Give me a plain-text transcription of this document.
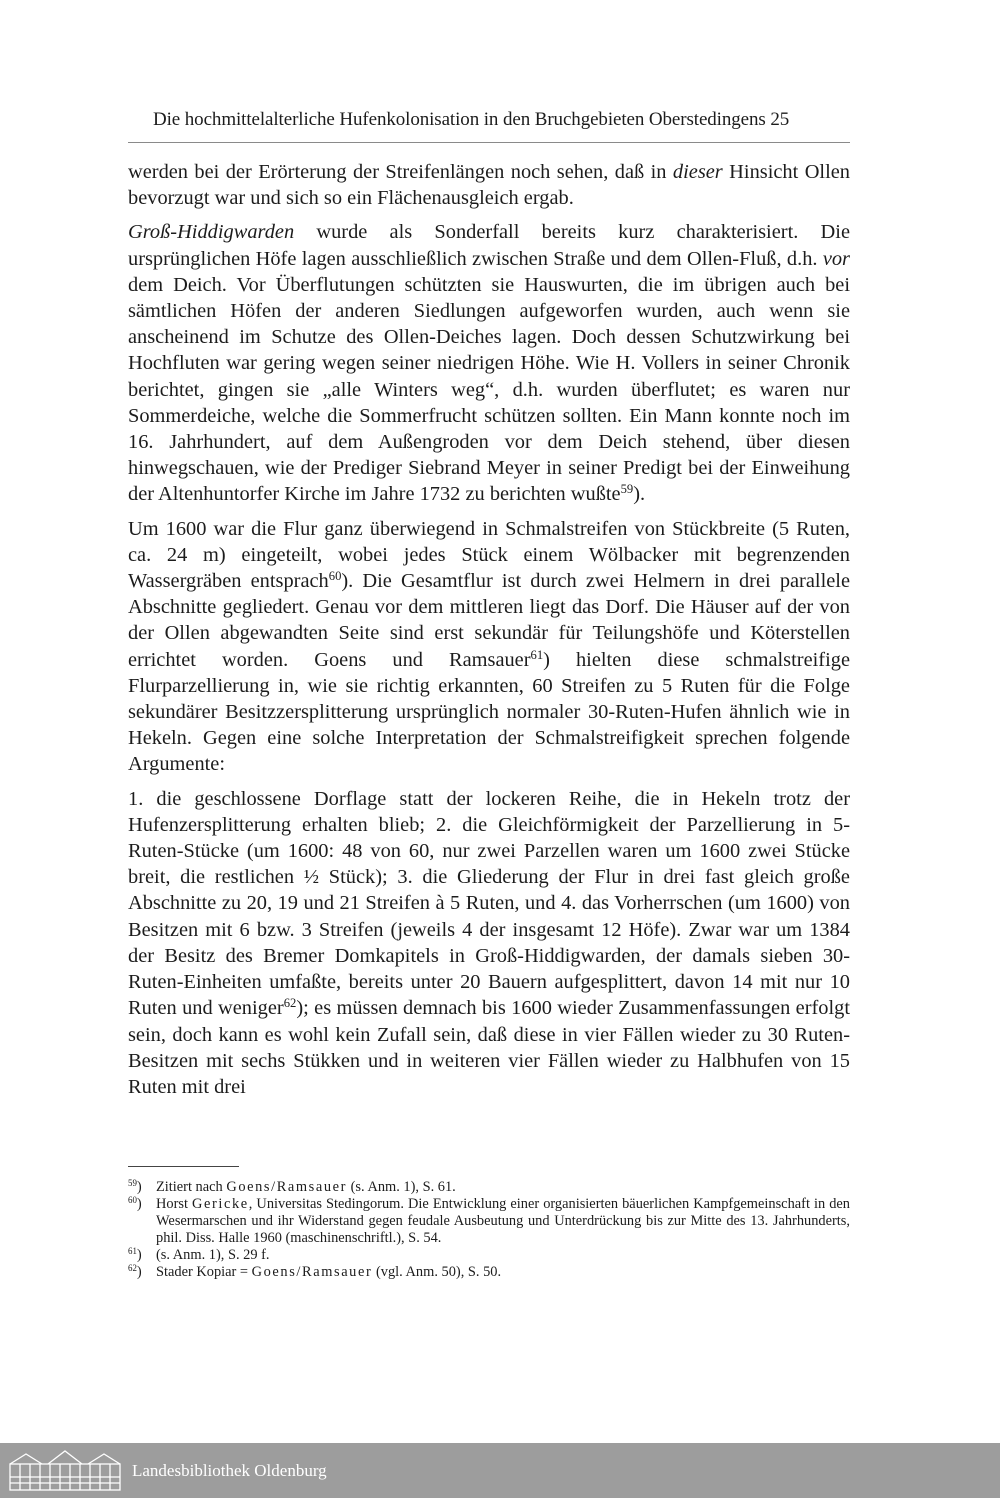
Die hochmittelalterliche Hufenkolonisation in den Bruchgebieten Oberstedingens 25

werden bei der Erörterung der Streifenlängen noch sehen, daß in dieser Hinsicht Ollen bevorzugt war und sich so ein Flächenausgleich ergab.

Groß-Hiddigwarden wurde als Sonderfall bereits kurz charakterisiert. Die ursprünglichen Höfe lagen ausschließlich zwischen Straße und dem Ollen-Fluß, d.h. vor dem Deich. Vor Überflutungen schützten sie Hauswurten, die im übrigen auch bei sämtlichen Höfen der anderen Siedlungen aufgeworfen wurden, auch wenn sie anscheinend im Schutze des Ollen-Deiches lagen. Doch dessen Schutzwirkung bei Hochfluten war gering wegen seiner niedrigen Höhe. Wie H. Vollers in seiner Chronik berichtet, gingen sie „alle Winters weg“, d.h. wurden überflutet; es waren nur Sommerdeiche, welche die Sommerfrucht schützen sollten. Ein Mann konnte noch im 16. Jahrhundert, auf dem Außengroden vor dem Deich stehend, über diesen hinwegschauen, wie der Prediger Siebrand Meyer in seiner Predigt bei der Einweihung der Altenhuntorfer Kirche im Jahre 1732 zu berichten wußte$^{59}$).

Um 1600 war die Flur ganz überwiegend in Schmalstreifen von Stückbreite (5 Ruten, ca. 24 m) eingeteilt, wobei jedes Stück einem Wölbacker mit begrenzenden Wassergräben entsprach$^{60}$). Die Gesamtflur ist durch zwei Helmern in drei parallele Abschnitte gegliedert. Genau vor dem mittleren liegt das Dorf. Die Häuser auf der von der Ollen abgewandten Seite sind erst sekundär für Teilungshöfe und Köterstellen errichtet worden. Goens und Ramsauer$^{61}$) hielten diese schmalstreifige Flurparzellierung in, wie sie richtig erkannten, 60 Streifen zu 5 Ruten für die Folge sekundärer Besitzzersplitterung ursprünglich normaler 30-Ruten-Hufen ähnlich wie in Hekeln. Gegen eine solche Interpretation der Schmalstreifigkeit sprechen folgende Argumente:

1. die geschlossene Dorflage statt der lockeren Reihe, die in Hekeln trotz der Hufenzersplitterung erhalten blieb; 2. die Gleichförmigkeit der Parzellierung in 5-Ruten-Stücke (um 1600: 48 von 60, nur zwei Parzellen waren um 1600 zwei Stücke breit, die restlichen ½ Stück); 3. die Gliederung der Flur in drei fast gleich große Abschnitte zu 20, 19 und 21 Streifen à 5 Ruten, und 4. das Vorherrschen (um 1600) von Besitzen mit 6 bzw. 3 Streifen (jeweils 4 der insgesamt 12 Höfe). Zwar war um 1384 der Besitz des Bremer Domkapitels in Groß-Hiddigwarden, der damals sieben 30-Ruten-Einheiten umfaßte, bereits unter 20 Bauern aufgesplittert, davon 14 mit nur 10 Ruten und weniger$^{62}$); es müssen demnach bis 1600 wieder Zusammenfassungen erfolgt sein, doch kann es wohl kein Zufall sein, daß diese in vier Fällen wieder zu 30 Ruten-Besitzen mit sechs Stükken und in weiteren vier Fällen wieder zu Halbhufen von 15 Ruten mit drei

$^{59}$) Zitiert nach Goens/Ramsauer (s. Anm. 1), S. 61.
$^{60}$) Horst Gericke, Universitas Stedingorum. Die Entwicklung einer organisierten bäuerlichen Kampfgemeinschaft in den Wesermarschen und ihr Widerstand gegen feudale Ausbeutung und Unterdrückung bis zur Mitte des 13. Jahrhunderts, phil. Diss. Halle 1960 (maschinenschriftl.), S. 54.
$^{61}$) (s. Anm. 1), S. 29 f.
$^{62}$) Stader Kopiar = Goens/Ramsauer (vgl. Anm. 50), S. 50.
Landesbibliothek Oldenburg
